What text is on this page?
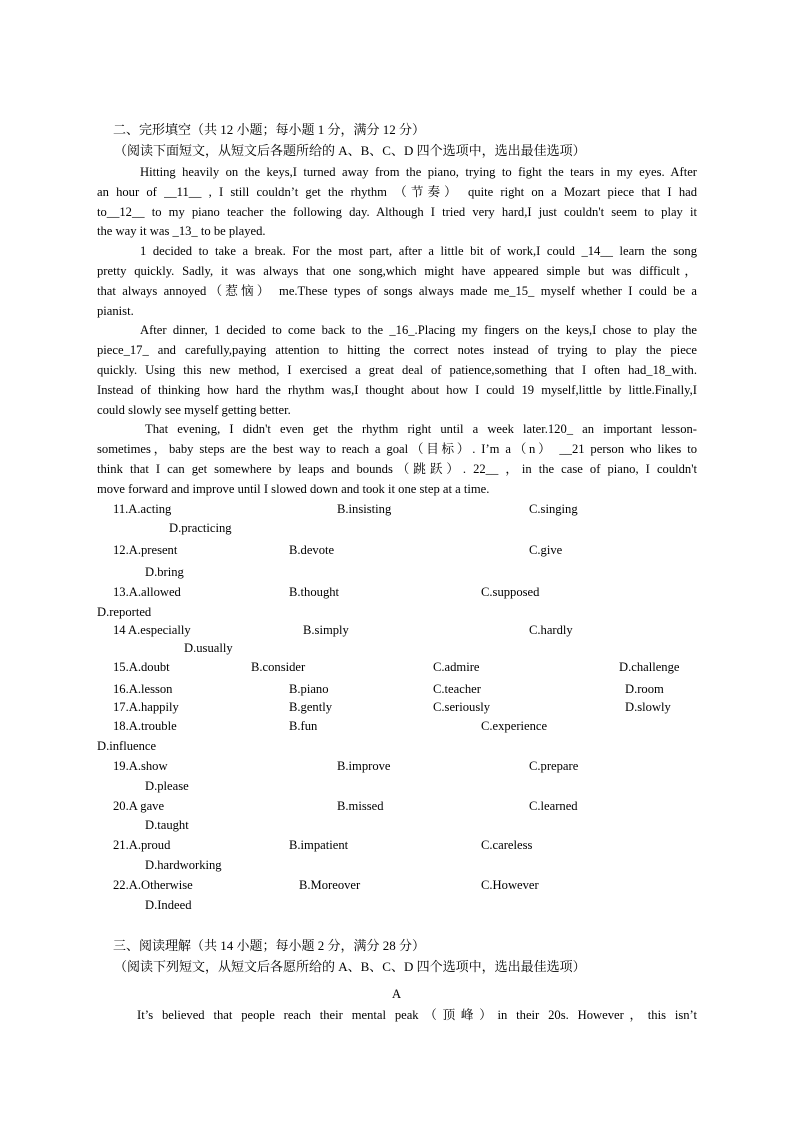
二、完形填空（共 12 小题；每小题 1 分，满分 12 分）
（阅读下面短文，从短文后各题所给的 A、B、C、D 四个选项中，选出最佳选项）
Hitting heavily on the keys,I turned away from the piano, trying to fight the tears in my eyes. After
an hour of __11__ , I still couldn’t get the rhythm （节奏） quite right on a Mozart piece that I had
to__12__ to my piano teacher the following day. Although I tried very hard,I just couldn't seem to play it
the way it was _13_ to be played.
1 decided to take a break. For the most part, after a little bit of work,I could _14__ learn the song
pretty quickly. Sadly, it was always that one song,which might have appeared simple but was difficult，
that always annoyed（惹恼） me.These types of songs always made me_15_ myself whether I could be a
pianist.
After dinner, 1 decided to come back to the _16_.Placing my fingers on the keys,I chose to play the
piece_17_ and carefully,paying attention to hitting the correct notes instead of trying to play the piece
quickly. Using this new method, I exercised a great deal of patience,something that I often had_18_with.
Instead of thinking how hard the rhythm was,I thought about how I could 19 myself,little by little.Finally,I
could slowly see myself getting better.
That evening, I didn't even get the rhythm right until a week later.120_ an important lesson-
sometimes，baby steps are the best way to reach a goal（目标）. I’m a（n） __21 person who likes to
think that I can get somewhere by leaps and bounds（跳跃）. 22__ ，in the case of piano, I couldn't
move forward and improve until I slowed down and took it one step at a time.
11.A.acting	B.insisting	C.singing
D.practicing
12.A.present	B.devote	C.give
D.bring
13.A.allowed	B.thought	C.supposed
D.reported
14 A.especially	B.simply	C.hardly
D.usually
15.A.doubt	B.consider	C.admire	D.challenge
16.A.lesson	B.piano	C.teacher	D.room
17.A.happily	B.gently	C.seriously	D.slowly
18.A.trouble	B.fun	C.experience
D.influence
19.A.show	B.improve	C.prepare
D.please
20.A gave	B.missed	C.learned
D.taught
21.A.proud	B.impatient	C.careless
D.hardworking
22.A.Otherwise	B.Moreover	C.However
D.Indeed
三、阅读理解（共 14 小题；每小题 2 分，满分 28 分）
（阅读下列短文，从短文后各愿所给的 A、B、C、D 四个选项中，选出最佳选项）
A
It’s believed that people reach their mental peak（顶峰）in their 20s. However，this isn’t
